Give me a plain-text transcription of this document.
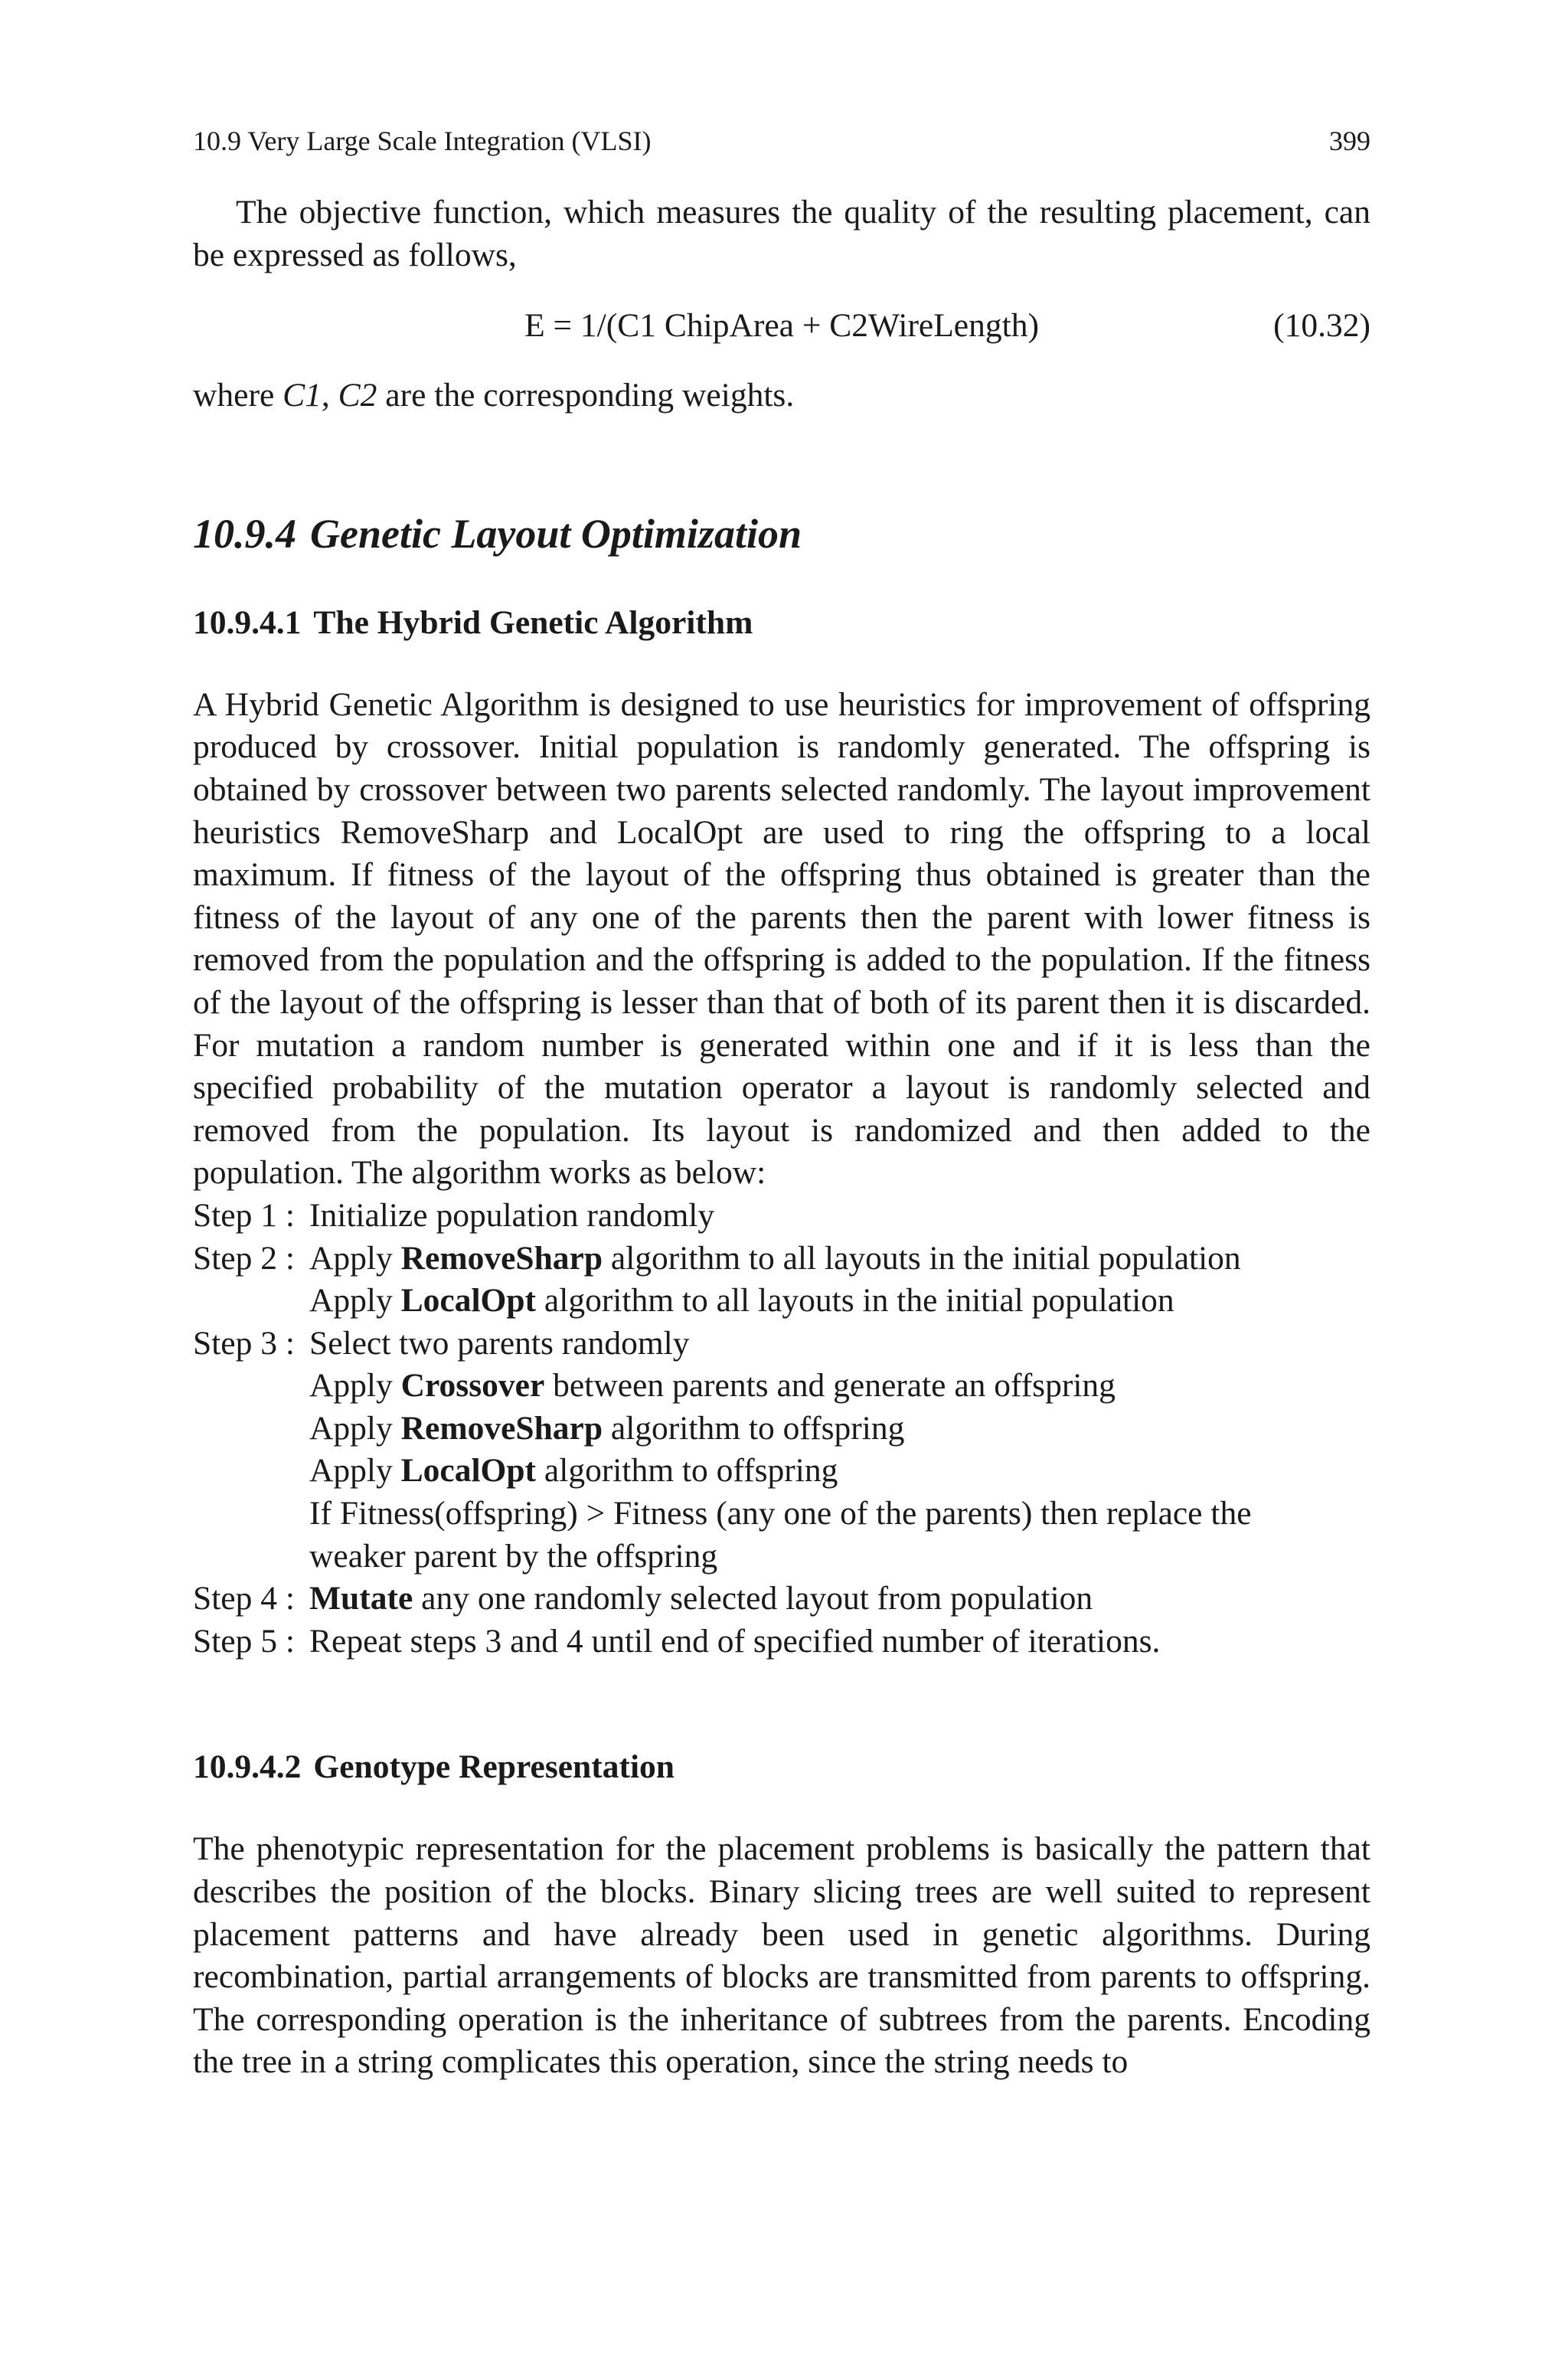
10.9 Very Large Scale Integration (VLSI)	399

The objective function, which measures the quality of the resulting placement, can be expressed as follows,

E = 1/(C1 ChipArea + C2WireLength)	(10.32)

where C1, C2 are the corresponding weights.

10.9.4 Genetic Layout Optimization
10.9.4.1 The Hybrid Genetic Algorithm

A Hybrid Genetic Algorithm is designed to use heuristics for improvement of offspring produced by crossover. Initial population is randomly generated. The offspring is obtained by crossover between two parents selected randomly. The layout improvement heuristics RemoveSharp and LocalOpt are used to ring the offspring to a local maximum. If fitness of the layout of the offspring thus obtained is greater than the fitness of the layout of any one of the parents then the parent with lower fitness is removed from the population and the offspring is added to the population. If the fitness of the layout of the offspring is lesser than that of both of its parent then it is discarded. For mutation a random number is generated within one and if it is less than the specified probability of the mutation operator a layout is randomly selected and removed from the population. Its layout is randomized and then added to the population. The algorithm works as below:

Step 1 : Initialize population randomly
Step 2 : Apply RemoveSharp algorithm to all layouts in the initial population
Apply LocalOpt algorithm to all layouts in the initial population
Step 3 : Select two parents randomly
Apply Crossover between parents and generate an offspring
Apply RemoveSharp algorithm to offspring
Apply LocalOpt algorithm to offspring
If Fitness(offspring) > Fitness (any one of the parents) then replace the
weaker parent by the offspring
Step 4 : Mutate any one randomly selected layout from population
Step 5 : Repeat steps 3 and 4 until end of specified number of iterations.
10.9.4.2 Genotype Representation

The phenotypic representation for the placement problems is basically the pattern that describes the position of the blocks. Binary slicing trees are well suited to represent placement patterns and have already been used in genetic algorithms. During recombination, partial arrangements of blocks are transmitted from parents to offspring. The corresponding operation is the inheritance of subtrees from the parents. Encoding the tree in a string complicates this operation, since the string needs to
